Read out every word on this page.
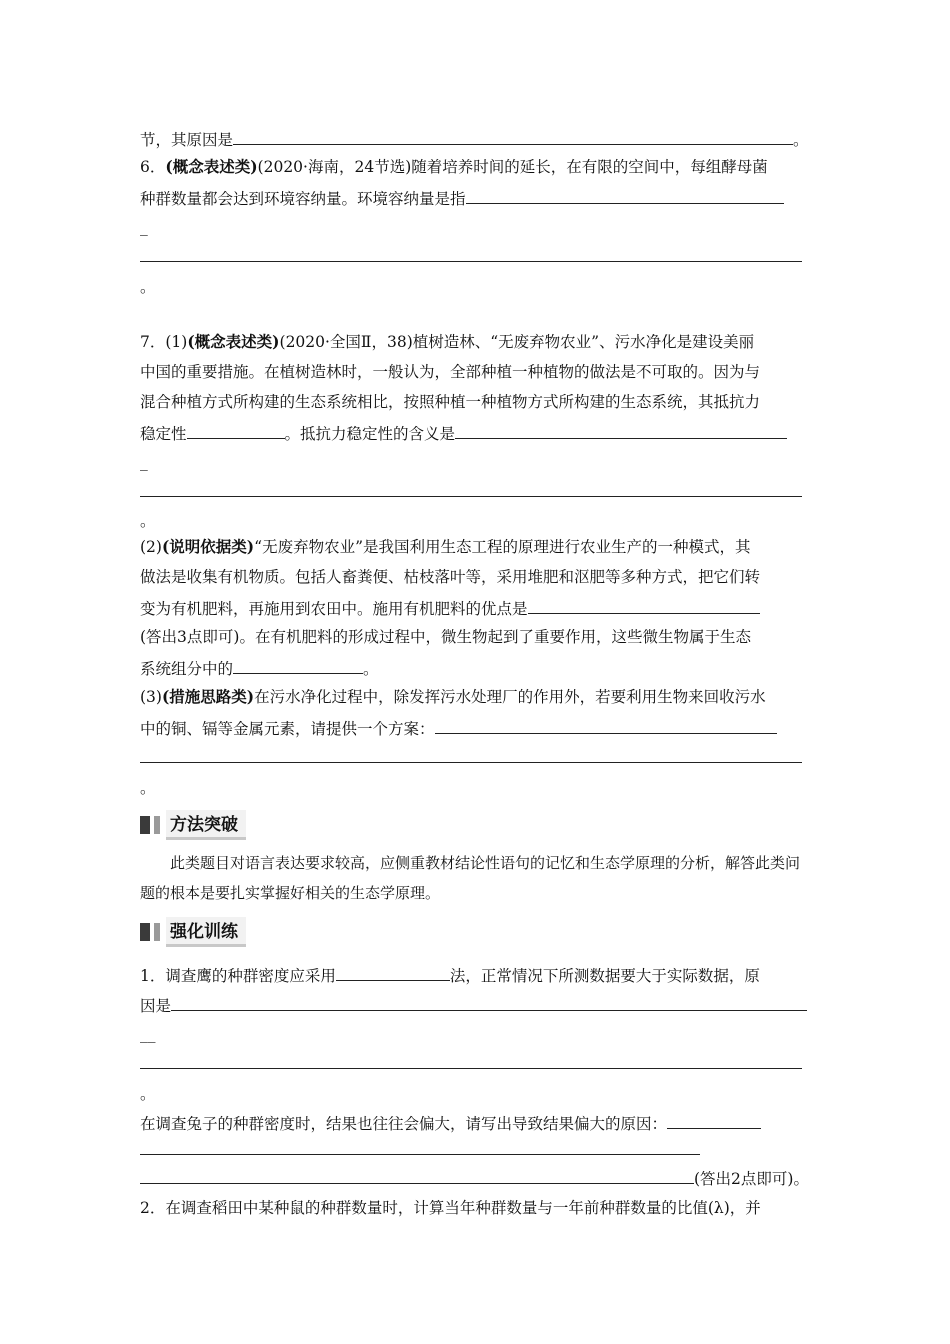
节，其原因是	。
6．(概念表述类)(2020·海南，24节选)随着培养时间的延长，在有限的空间中，每组酵母菌
种群数量都会达到环境容纳量。环境容纳量是指
_
。
7．(1)(概念表述类)(2020·全国Ⅱ，38)植树造林、“无废弃物农业”、污水净化是建设美丽
中国的重要措施。在植树造林时，一般认为，全部种植一种植物的做法是不可取的。因为与
混合种植方式所构建的生态系统相比，按照种植一种植物方式所构建的生态系统，其抵抗力
稳定性	。抵抗力稳定性的含义是
_
。
(2)(说明依据类)“无废弃物农业”是我国利用生态工程的原理进行农业生产的一种模式，其
做法是收集有机物质。包括人畜粪便、枯枝落叶等，采用堆肥和沤肥等多种方式，把它们转
变为有机肥料，再施用到农田中。施用有机肥料的优点是
(答出3点即可)。在有机肥料的形成过程中，微生物起到了重要作用，这些微生物属于生态
系统组分中的	。
(3)(措施思路类)在污水净化过程中，除发挥污水处理厂的作用外，若要利用生物来回收污水
中的铜、镉等金属元素，请提供一个方案：
。
方法突破
此类题目对语言表达要求较高，应侧重教材结论性语句的记忆和生态学原理的分析，解答此类问题的根本是要扎实掌握好相关的生态学原理。
强化训练
1．调查鹰的种群密度应采用	法，正常情况下所测数据要大于实际数据，原
因是
__
。
在调查兔子的种群密度时，结果也往往会偏大，请写出导致结果偏大的原因：
(答出2点即可)。
2．在调查稻田中某种鼠的种群数量时，计算当年种群数量与一年前种群数量的比值(λ)，并
